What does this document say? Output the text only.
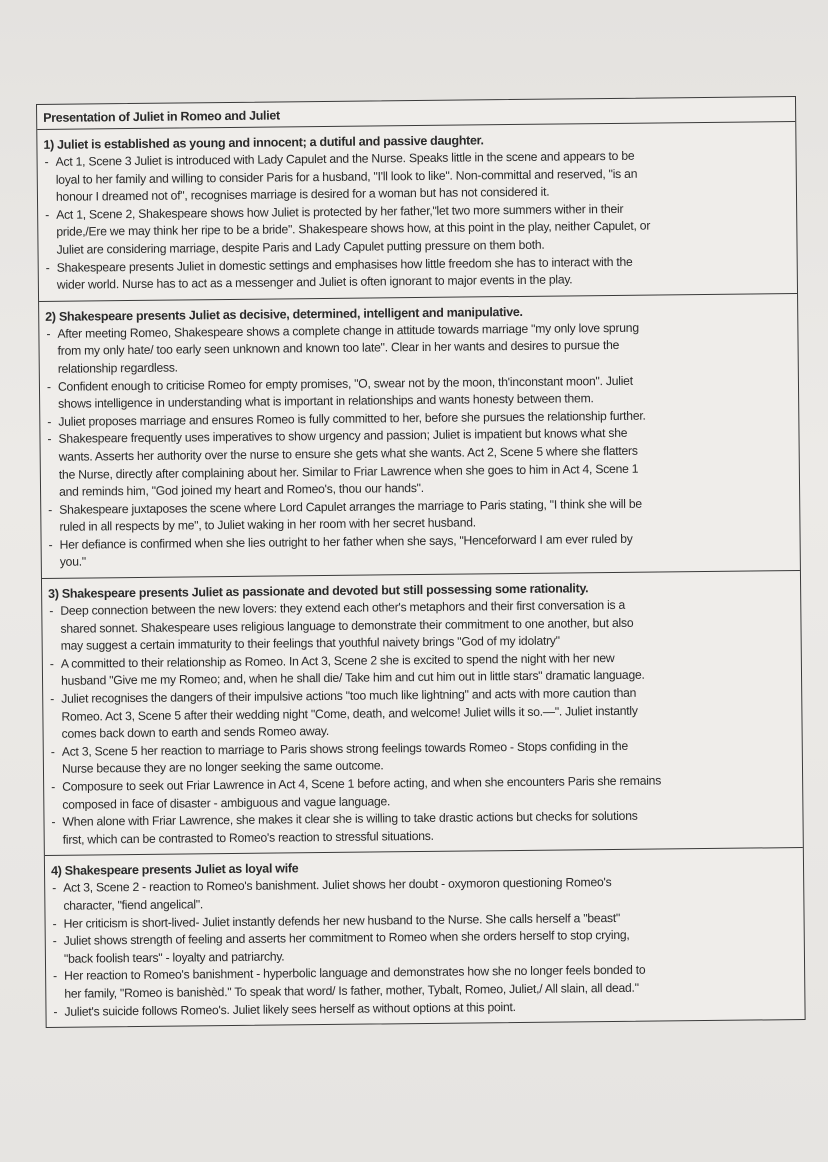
Presentation of Juliet in Romeo and Juliet
1) Juliet is established as young and innocent; a dutiful and passive daughter.
- Act 1, Scene 3 Juliet is introduced with Lady Capulet and the Nurse. Speaks little in the scene and appears to be
loyal to her family and willing to consider Paris for a husband, "I'll look to like". Non-committal and reserved, "is an
honour I dreamed not of", recognises marriage is desired for a woman but has not considered it.
- Act 1, Scene 2, Shakespeare shows how Juliet is protected by her father,"let two more summers wither in their
pride,/Ere we may think her ripe to be a bride". Shakespeare shows how, at this point in the play, neither Capulet, or
Juliet are considering marriage, despite Paris and Lady Capulet putting pressure on them both.
- Shakespeare presents Juliet in domestic settings and emphasises how little freedom she has to interact with the
wider world. Nurse has to act as a messenger and Juliet is often ignorant to major events in the play.
2) Shakespeare presents Juliet as decisive, determined, intelligent and manipulative.
- After meeting Romeo, Shakespeare shows a complete change in attitude towards marriage "my only love sprung
from my only hate/ too early seen unknown and known too late". Clear in her wants and desires to pursue the
relationship regardless.
- Confident enough to criticise Romeo for empty promises, "O, swear not by the moon, th'inconstant moon". Juliet
shows intelligence in understanding what is important in relationships and wants honesty between them.
- Juliet proposes marriage and ensures Romeo is fully committed to her, before she pursues the relationship further.
- Shakespeare frequently uses imperatives to show urgency and passion; Juliet is impatient but knows what she
wants. Asserts her authority over the nurse to ensure she gets what she wants. Act 2, Scene 5 where she flatters
the Nurse, directly after complaining about her. Similar to Friar Lawrence when she goes to him in Act 4, Scene 1
and reminds him, "God joined my heart and Romeo's, thou our hands".
- Shakespeare juxtaposes the scene where Lord Capulet arranges the marriage to Paris stating, "I think she will be
ruled in all respects by me", to Juliet waking in her room with her secret husband.
- Her defiance is confirmed when she lies outright to her father when she says, "Henceforward I am ever ruled by
you."
3) Shakespeare presents Juliet as passionate and devoted but still possessing some rationality.
- Deep connection between the new lovers: they extend each other's metaphors and their first conversation is a
shared sonnet. Shakespeare uses religious language to demonstrate their commitment to one another, but also
may suggest a certain immaturity to their feelings that youthful naivety brings "God of my idolatry"
- A committed to their relationship as Romeo. In Act 3, Scene 2 she is excited to spend the night with her new
husband "Give me my Romeo; and, when he shall die/ Take him and cut him out in little stars" dramatic language.
- Juliet recognises the dangers of their impulsive actions "too much like lightning" and acts with more caution than
Romeo. Act 3, Scene 5 after their wedding night "Come, death, and welcome! Juliet wills it so.—". Juliet instantly
comes back down to earth and sends Romeo away.
- Act 3, Scene 5 her reaction to marriage to Paris shows strong feelings towards Romeo - Stops confiding in the
Nurse because they are no longer seeking the same outcome.
- Composure to seek out Friar Lawrence in Act 4, Scene 1 before acting, and when she encounters Paris she remains
composed in face of disaster - ambiguous and vague language.
- When alone with Friar Lawrence, she makes it clear she is willing to take drastic actions but checks for solutions
first, which can be contrasted to Romeo's reaction to stressful situations.
4) Shakespeare presents Juliet as loyal wife
- Act 3, Scene 2 - reaction to Romeo's banishment. Juliet shows her doubt - oxymoron questioning Romeo's
character, "fiend angelical".
- Her criticism is short-lived- Juliet instantly defends her new husband to the Nurse. She calls herself a "beast"
- Juliet shows strength of feeling and asserts her commitment to Romeo when she orders herself to stop crying,
"back foolish tears" - loyalty and patriarchy.
- Her reaction to Romeo's banishment - hyperbolic language and demonstrates how she no longer feels bonded to
her family, "Romeo is banishèd." To speak that word/ Is father, mother, Tybalt, Romeo, Juliet,/ All slain, all dead."
- Juliet's suicide follows Romeo's. Juliet likely sees herself as without options at this point.
